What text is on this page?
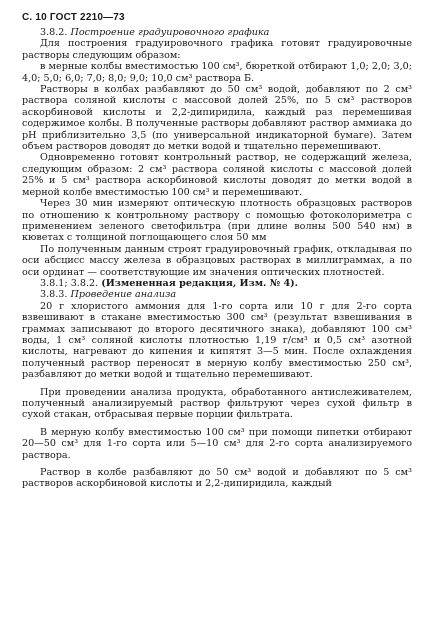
С. 10 ГОСТ 2210—73

3.8.2. Построение градуировочного графика

Для построения градуировочного графика готовят градуировочные растворы следующим образом:

в мерные колбы вместимостью 100 см³, бюреткой отбирают 1,0; 2,0; 3,0; 4,0; 5,0; 6,0; 7,0; 8,0; 9,0; 10,0 см³ раствора Б.

Растворы в колбах разбавляют до 50 см³ водой, добавляют по 2 см³ раствора соляной кислоты с массовой долей 25%, по 5 см³ растворов аскорбиновой кислоты и 2,2-дипиридила, каждый раз перемешивая содержимое колбы. В полученные растворы добавляют раствор аммиака до рН приблизительно 3,5 (по универсальной индикаторной бумаге). Затем объем растворов доводят до метки водой и тщательно перемешивают.

Одновременно готовят контрольный раствор, не содержащий железа, следующим образом: 2 см³ раствора соляной кислоты с массовой долей 25% и 5 см³ раствора аскорбиновой кислоты доводят до метки водой в мерной колбе вместимостью 100 см³ и перемешивают.

Через 30 мин измеряют оптическую плотность образцовых растворов по отношению к контрольному раствору с помощью фотоколориметра с применением зеленого светофильтра (при длине волны 500 540 нм) в кюветах с толщиной поглощающего слоя 50 мм

По полученным данным строят градуировочный график, откладывая по оси абсцисс массу железа в образцовых растворах в миллиграммах, а по оси ординат — соответствующие им значения оптических плотностей.

3.8.1; 3.8.2. (Измененная редакция, Изм. № 4).

3.8.3. Проведение анализа

20 г хлористого аммония для 1-го сорта или 10 г для 2-го сорта взвешивают в стакане вместимостью 300 см³ (результат взвешивания в граммах записывают до второго десятичного знака), добавляют 100 см³ воды, 1 см³ соляной кислоты плотностью 1,19 г/см³ и 0,5 см³ азотной кислоты, нагревают до кипения и кипятят 3—5 мин. После охлаждения полученный раствор переносят в мерную колбу вместимостью 250 см³, разбавляют до метки водой и тщательно перемешивают.

При проведении анализа продукта, обработанного антислеживателем, полученный анализируемый раствор фильтруют через сухой фильтр в сухой стакан, отбрасывая первые порции фильтрата.

В мерную колбу вместимостью 100 см³ при помощи пипетки отбирают 20—50 см³ для 1-го сорта или 5—10 см³ для 2-го сорта анализируемого раствора.

Раствор в колбе разбавляют до 50 см³ водой и добавляют по 5 см³ растворов аскорбиновой кислоты и 2,2-дипиридила, каждый
